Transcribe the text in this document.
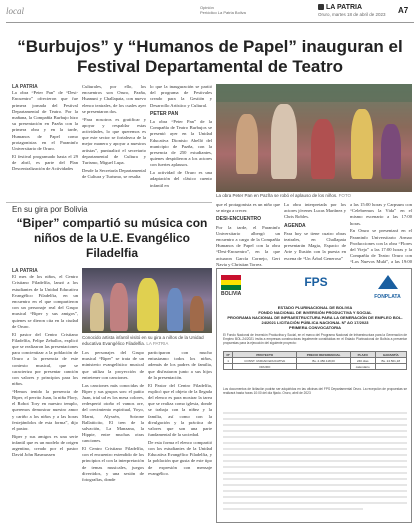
local	Opinión
Periódico La Patria Boliva
LA PATRIA
Oruro, martes 18 de abril de 2023 A7
“Burbujos” y “Humanos de Papel” inauguran el Festival Departamental de Teatro
LA PATRIA

La obra “Peter Pan” de “Desi-Encuentro” ofrecieron que fue primera jornada del Festival Departamental de Teatro. Por la mañana, la Compañía Burbujo hizo su presentación en Pazña con la primera obra y en la tarde, Humanos de Papel como protagonistas en el Paraninfo Universitario de Oruro.

El festival programado hasta el 29 de abril, es parte del Plan Descentralización de Actividades

Culturales, por ello, los encuentros son Oruro, Pazña, Huanuni y Challapata, con nuevo elenco teatrales, de los cuales ayer se presentaron dos.

“Para nosotros es gratificar y apoyar y respaldar estas actividades, lo que queremos es que este sector se fortalezca de la mejor manera y apoyar a nuestros artistas”, puntualizó el secretario departamental de Cultura y Turismo, Miguel Lupa.

Desde la Secretaría Departamental de Cultura y Turismo, se resalta

lo que la inauguración se partió del programa de Festivales creado para la Gestión y Desarrollo Artístico y Cultural.

PETER PAN

La obra “Peter Pan” de la Compañía de Teatro Burbujos se presentó ayer en la Unidad Educativa Dionisio Abelló del municipio de Pazña, con la presencia de 250 estudiantes, quienes despidieron a los actores con fuertes aplausos.

La actividad de Oruro es una adaptación del clásico cuento infantil en

La obra Peter Pan en Pazña se robó el aplauso de los niños. FOTO

que el protagonista es un niño que se niega a crecer.

DESI-ENCUENTRO

Por la tarde, el Paraninfo Universitario albergó un encuentro a cargo de la Compañía Humanos de Papel con la obra “Desi-Encuentro”, en la que actuaron García Cornejo, Gert Navia y Christian Torrez.

La obra interpretada por los actores jóvenes Lucas Martínez y Chris Robles.

AGENDA

Para hoy se tiene cuatro obras teatrales, en Challapata presentarán Magia, Espacio de Arte y Ilusión con la puesta en escena de “Un Árbol Generoso”

a las 15:00 horas y Carpsum con “Celebremos la Vida” en el mismo escenario a las 17:00 horas.

En Oruro se presentará en el Paraninfo Universitario Armao Producciones con la obra “Flores del Viejo” a las 17:00 horas y la Compañía de Teatro Oruro con “Los Nuevos Mulá”, a las 19:00

En su gira por Bolivia
“Biper” compartió su música con niños de la U.E. Evangélico Filadelfia
LA PATRIA

El mes de los niños, el Centro Cristiano Filadelfia, lanzó a los estudiantes de la Unidad Educativa Evangélico Filadelfia, en un encuentro en el que compartieron con un personaje real del Grupo musical “Biper y sus amigos”, quienes se dieron cita en la ciudad de Oruro.

El pastor del Centro Cristiano Filadelfia, Felipe Zeballos, explicó que se realizaron las presentaciones para concientizar a la población de Oruro a la presencia de este contexto musical, que se caracteriza por presentar canción con valores y principios para los niños.

“Hemos tenido la presencia de Biper, el perrito Juan, la niña Flory, el Robot Tory en nuestro templo, queremos demostrar nuestro amor y cariño a los niños y a las horas festejándolos de esta forma”, dijo el pastor.

Biper y sus amigos es una serie infantil que es un modelo de origen argentino, creado por el pastor David John Rasmussen

Conocido artista infantil visitó en su gira a niños de la Unidad educativa Evangélico Filadelfia. LA PATRIA

Los personajes del Grupo musical “Biper” se trata de un ministerio evangelístico musical que utiliza la proyección de entretener con canciones.

Las canciones más conocidas de Biper y sus grupos son: el patito Juan, trial ud es los mesa colores, redespertó otoño el vamos ore, del crecimiento espiritual, Yoyo, Marni, Alyssén, Sotrone Ballatticito, El tren de la salvación, La Manzana, la Hippie, entre muchas otras canciones.

El Centro Cristiano Filadelfia, con el encuentro extendido de los principios el con la interpretación de temas musicales, juegos divertidos, y una sesión de fotografías, donde

participaron con mucho entusiasmo todos los niños, además de los padres de familia, que disfrutaron junto a sus hijos de la presentación.

El Pastor del Centro Filadelfia, explicó que el objeto de la llegada del elenco es para mostrar la tarea que se realiza como iglesia, donde se trabaja con la niñez y la familia, así como con la divulgación y la práctica de valores que son una parte fundamental de la sociedad.

De esta forma el elenco compartió con los estudiantes de la Unidad Educativa Evangélico Filadelfia, y la población que gusta de este tipo de expresión con mensaje evangélico.

BOLIVIA
FPS
FONPLATA
ESTADO PLURINACIONAL DE BOLIVIA
FONDO NACIONAL DE INVERSIÓN PRODUCTIVA Y SOCIAL
PROGRAMA NACIONAL DE INFRAESTRUCTURA PARA LA GENERACIÓN DE EMPLEO BOL-
24/2021 LICITACIÓN PÚBLICA NACIONAL Nº AO 17/2023
PRIMERA CONVOCATORIA
El Fondo Nacional de Inversión Productiva y Social, en el marco del Programa Nacional de Infraestructura para la Generación de Empleo BOL-24/2021 invita a empresas constructoras legalmente constituidas en el Estado Plurinacional de Bolivia a presentar propuestas para la ejecución del siguiente proyecto:
Nº	PROYECTO	PRECIO REFERENCIAL	PLAZO	GARANTÍA
1	CONST. UNIDAD EDUCATIVA	Bs. 2.450.118,00	240 días	Bs. 24.501,18
	ORURO		calendario	
Los documentos de licitación podrán ser adquiridos en las oficinas del FPS Departamental Oruro. La recepción de propuestas se realizará hasta horas 10:00 del día fijado. Oruro, abril de 2023
